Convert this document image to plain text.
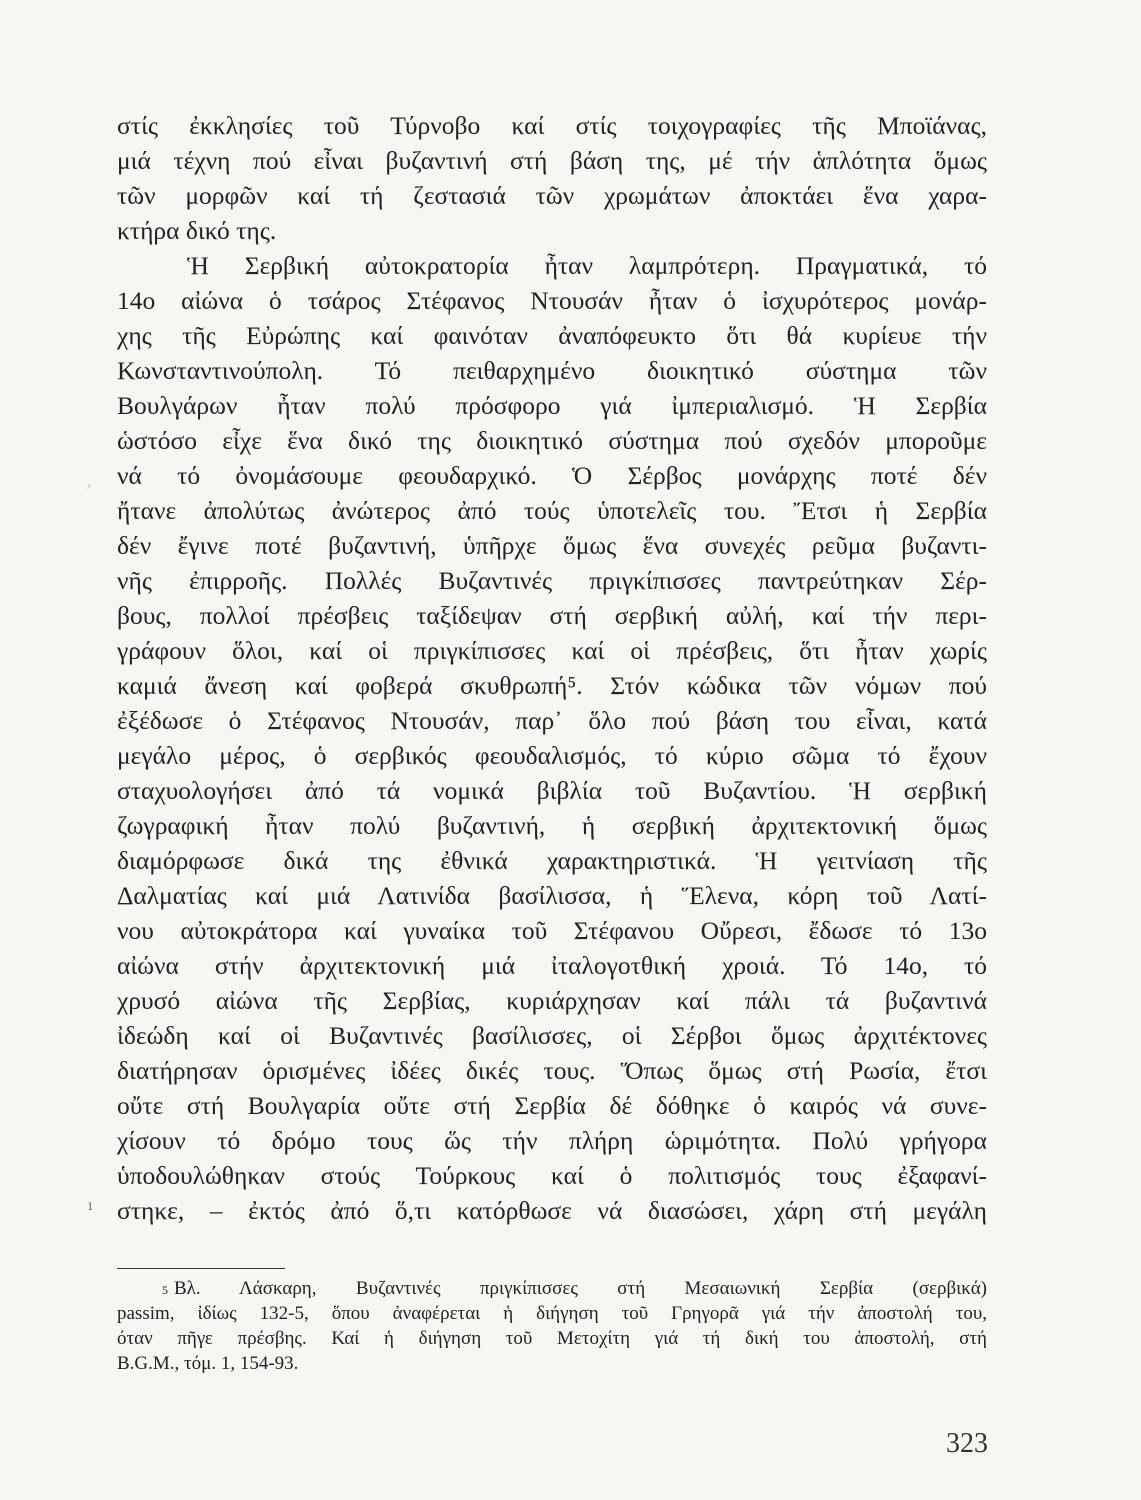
στίς ἐκκλησίες τοῦ Τύρνοβο καί στίς τοιχογραφίες τῆς Μποϊάνας,
μιά τέχνη πού εἶναι βυζαντινή στή βάση της, μέ τήν ἁπλότητα ὅμως
τῶν μορφῶν καί τή ζεστασιά τῶν χρωμάτων ἀποκτάει ἕνα χαρα-
κτήρα δικό της.
Ἡ Σερβική αὐτοκρατορία ἦταν λαμπρότερη. Πραγματικά, τό
14ο αἰώνα ὁ τσάρος Στέφανος Ντουσάν ἦταν ὁ ἰσχυρότερος μονάρ-
χης τῆς Εὐρώπης καί φαινόταν ἀναπόφευκτο ὅτι θά κυρίευε τήν
Κωνσταντινούπολη. Τό πειθαρχημένο διοικητικό σύστημα τῶν
Βουλγάρων ἦταν πολύ πρόσφορο γιά ἰμπεριαλισμό. Ἡ Σερβία
ὡστόσο εἶχε ἕνα δικό της διοικητικό σύστημα πού σχεδόν μποροῦμε
νά τό ὀνομάσουμε φεουδαρχικό. Ὁ Σέρβος μονάρχης ποτέ δέν
ἤτανε ἀπολύτως ἀνώτερος ἀπό τούς ὑποτελεῖς του. Ἔτσι ἡ Σερβία
δέν ἔγινε ποτέ βυζαντινή, ὑπῆρχε ὅμως ἕνα συνεχές ρεῦμα βυζαντι-
νῆς ἐπιρροῆς. Πολλές Βυζαντινές πριγκίπισσες παντρεύτηκαν Σέρ-
βους, πολλοί πρέσβεις ταξίδεψαν στή σερβική αὐλή, καί τήν περι-
γράφουν ὅλοι, καί οἱ πριγκίπισσες καί οἱ πρέσβεις, ὅτι ἦταν χωρίς
καμιά ἄνεση καί φοβερά σκυθρωπή⁵. Στόν κώδικα τῶν νόμων πού
ἐξέδωσε ὁ Στέφανος Ντουσάν, παρ᾿ ὅλο πού βάση του εἶναι, κατά
μεγάλο μέρος, ὁ σερβικός φεουδαλισμός, τό κύριο σῶμα τό ἔχουν
σταχυολογήσει ἀπό τά νομικά βιβλία τοῦ Βυζαντίου. Ἡ σερβική
ζωγραφική ἦταν πολύ βυζαντινή, ἡ σερβική ἀρχιτεκτονική ὅμως
διαμόρφωσε δικά της ἐθνικά χαρακτηριστικά. Ἡ γειτνίαση τῆς
Δαλματίας καί μιά Λατινίδα βασίλισσα, ἡ Ἕλενα, κόρη τοῦ Λατί-
νου αὐτοκράτορα καί γυναίκα τοῦ Στέφανου Οὔρεσι, ἔδωσε τό 13ο
αἰώνα στήν ἀρχιτεκτονική μιά ἰταλογοτθική χροιά. Τό 14ο, τό
χρυσό αἰώνα τῆς Σερβίας, κυριάρχησαν καί πάλι τά βυζαντινά
ἰδεώδη καί οἱ Βυζαντινές βασίλισσες, οἱ Σέρβοι ὅμως ἀρχιτέκτονες
διατήρησαν ὁρισμένες ἰδέες δικές τους. Ὅπως ὅμως στή Ρωσία, ἔτσι
οὔτε στή Βουλγαρία οὔτε στή Σερβία δέ δόθηκε ὁ καιρός νά συνε-
χίσουν τό δρόμο τους ὥς τήν πλήρη ὡριμότητα. Πολύ γρήγορα
ὑποδουλώθηκαν στούς Τούρκους καί ὁ πολιτισμός τους ἐξαφανί-
στηκε, – ἐκτός ἀπό ὅ,τι κατόρθωσε νά διασώσει, χάρη στή μεγάλη
$^5$ Βλ. Λάσκαρη, Βυζαντινές πριγκίπισσες στή Μεσαιωνική Σερβία (σερβικά)
passim, ἰδίως 132-5, ὅπου ἀναφέρεται ἡ διήγηση τοῦ Γρηγορᾶ γιά τήν ἀποστολή του,
όταν πῆγε πρέσβης. Καί ἡ διήγηση τοῦ Μετοχίτη γιά τή δική του ἀποστολή, στή
B.G.M., τόμ. 1, 154-93.
323
›
ı
